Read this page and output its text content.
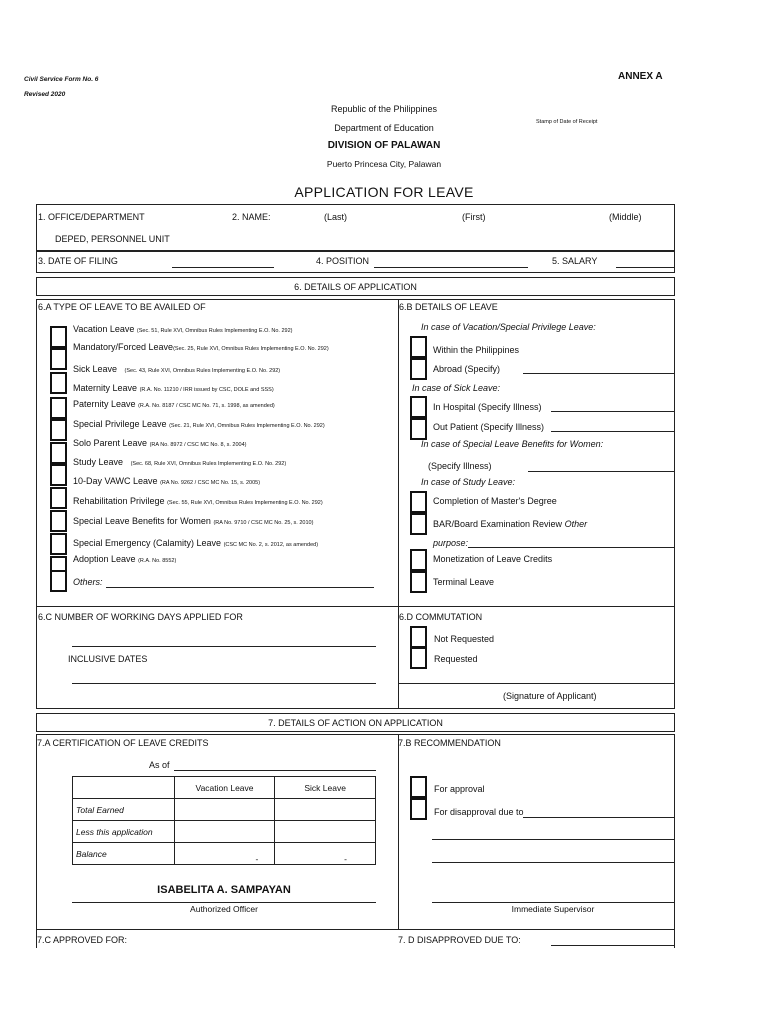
Civil Service Form No. 6
Revised 2020
ANNEX A
Republic of the Philippines
Department of Education
DIVISION OF PALAWAN
Puerto Princesa City, Palawan
Stamp of Date of Receipt
APPLICATION FOR LEAVE
1. OFFICE/DEPARTMENT
DEPED, PERSONNEL UNIT
2. NAME:	(Last)	(First)	(Middle)
3. DATE OF FILING	4. POSITION	5. SALARY
6. DETAILS OF APPLICATION
6.A TYPE OF LEAVE TO BE AVAILED OF	6.B DETAILS OF LEAVE
Vacation Leave (Sec. 51, Rule XVI, Omnibus Rules Implementing E.O. No. 292)
Mandatory/Forced Leave(Sec. 25, Rule XVI, Omnibus Rules Implementing E.O. No. 292)
Sick Leave (Sec. 43, Rule XVI, Omnibus Rules Implementing E.O. No. 292)
Maternity Leave (R.A. No. 11210 / IRR issued by CSC, DOLE and SSS)
Paternity Leave (R.A. No. 8187 / CSC MC No. 71, s. 1998, as amended)
Special Privilege Leave (Sec. 21, Rule XVI, Omnibus Rules Implementing E.O. No. 292)
Solo Parent Leave (RA No. 8972 / CSC MC No. 8, s. 2004)
Study Leave (Sec. 68, Rule XVI, Omnibus Rules Implementing E.O. No. 292)
10-Day VAWC Leave (RA No. 9262 / CSC MC No. 15, s. 2005)
Rehabilitation Privilege (Sec. 55, Rule XVI, Omnibus Rules Implementing E.O. No. 292)
Special Leave Benefits for Women (RA No. 9710 / CSC MC No. 25, s. 2010)
Special Emergency (Calamity) Leave (CSC MC No. 2, s. 2012, as amended)
Adoption Leave (R.A. No. 8552)
Others:
In case of Vacation/Special Privilege Leave:
Within the Philippines
Abroad (Specify)
In case of Sick Leave:
In Hospital (Specify Illness)
Out Patient (Specify Illness)
In case of Special Leave Benefits for Women:
(Specify Illness)
In case of Study Leave:
Completion of Master's Degree
BAR/Board Examination Review Other
purpose:
Monetization of Leave Credits
Terminal Leave
6.C NUMBER OF WORKING DAYS APPLIED FOR
INCLUSIVE DATES
6.D COMMUTATION
Not Requested
Requested
(Signature of Applicant)
7. DETAILS OF ACTION ON APPLICATION
7.A CERTIFICATION OF LEAVE CREDITS
As of
	Vacation Leave	Sick Leave
Total Earned		
Less this application		
Balance	-	-
ISABELITA A. SAMPAYAN
Authorized Officer
7.B RECOMMENDATION
For approval
For disapproval due to
Immediate Supervisor
7.C APPROVED FOR:	7. D DISAPPROVED DUE TO:
